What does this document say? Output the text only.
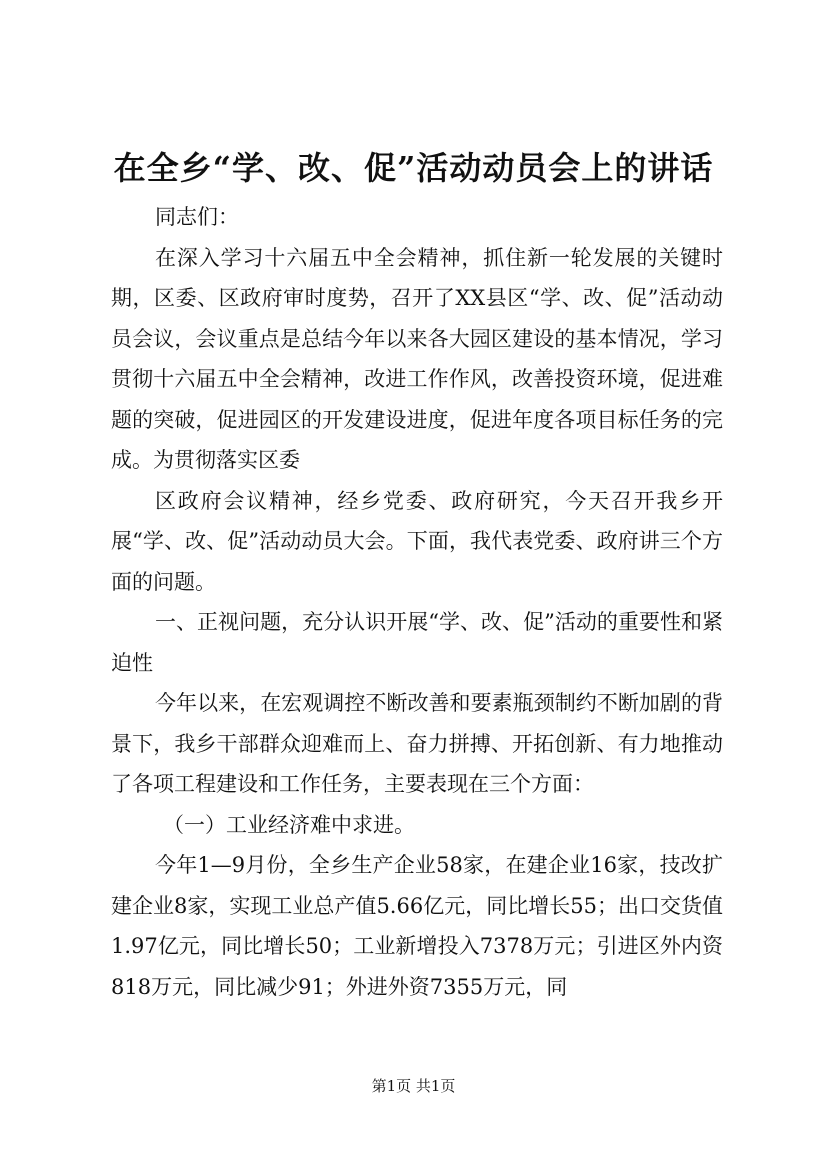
在全乡“学、改、促”活动动员会上的讲话

同志们：

在深入学习十六届五中全会精神，抓住新一轮发展的关键时期，区委、区政府审时度势，召开了XX县区“学、改、促”活动动员会议，会议重点是总结今年以来各大园区建设的基本情况，学习贯彻十六届五中全会精神，改进工作作风，改善投资环境，促进难题的突破，促进园区的开发建设进度，促进年度各项目标任务的完成。为贯彻落实区委

区政府会议精神，经乡党委、政府研究，今天召开我乡开展“学、改、促”活动动员大会。下面，我代表党委、政府讲三个方面的问题。

一、正视问题，充分认识开展“学、改、促”活动的重要性和紧迫性

今年以来，在宏观调控不断改善和要素瓶颈制约不断加剧的背景下，我乡干部群众迎难而上、奋力拼搏、开拓创新、有力地推动了各项工程建设和工作任务，主要表现在三个方面：

（一）工业经济难中求进。

今年1—9月份，全乡生产企业58家，在建企业16家，技改扩建企业8家，实现工业总产值5.66亿元，同比增长55；出口交货值1.97亿元，同比增长50；工业新增投入7378万元；引进区外内资818万元，同比减少91；外进外资7355万元，同

第1页 共1页
